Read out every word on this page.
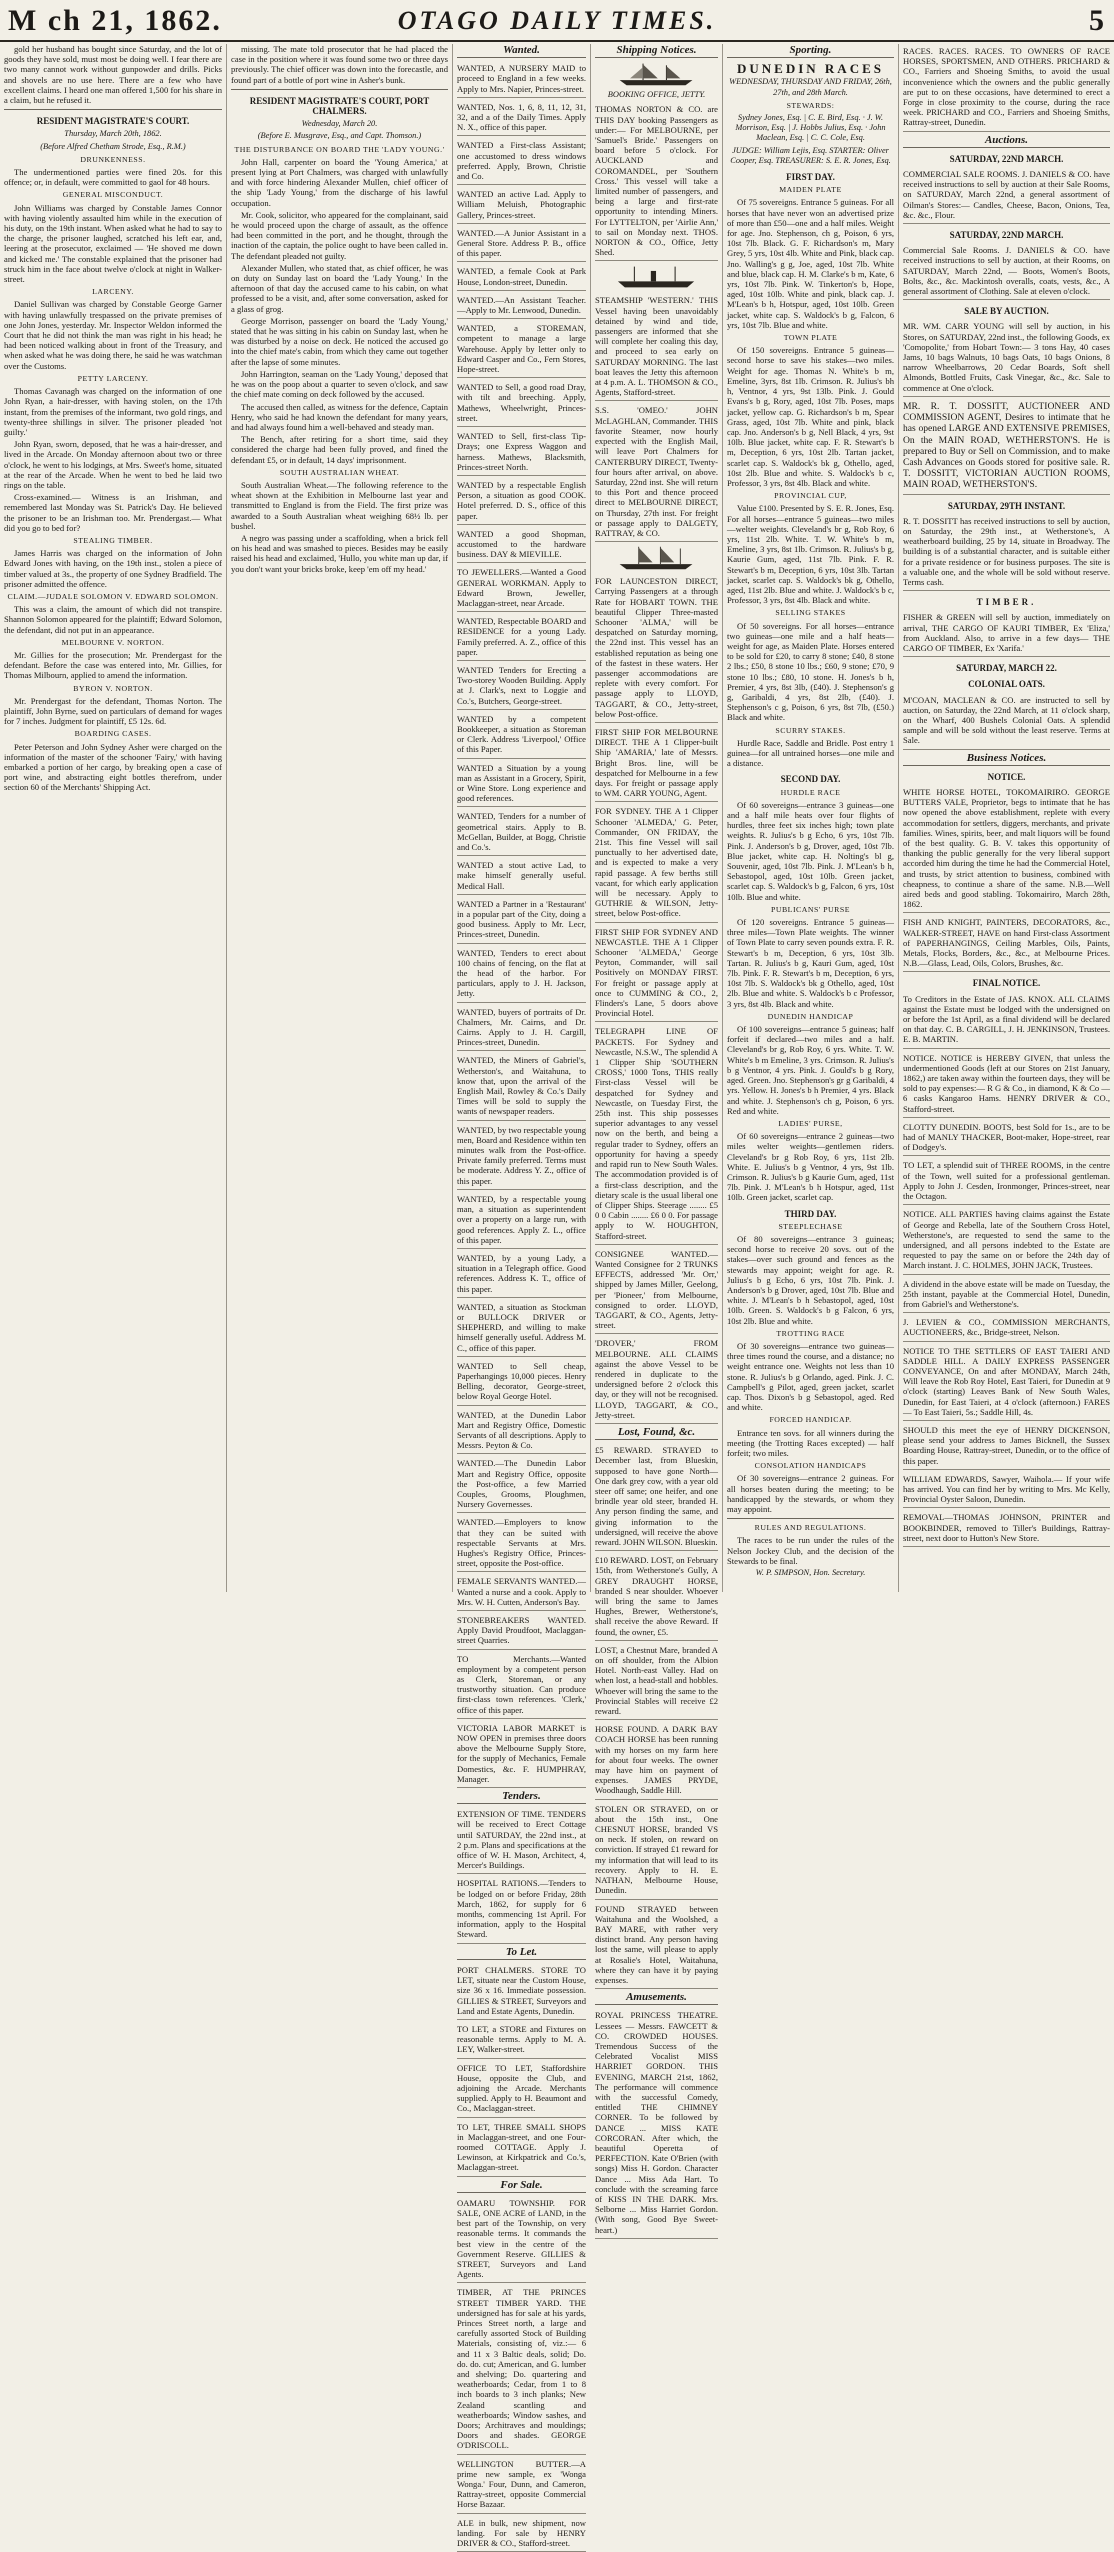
M ch 21, 1862.	OTAGO DAILY TIMES.	5

gold her husband has bought since Saturday, and the lot of goods they have sold, must most be doing well. I fear there are two many cannot work without gunpowder and drills. Picks and shovels are no use here. There are a few who have excellent claims. I heard one man offered 1,500 for his share in a claim, but he refused it.

RESIDENT MAGISTRATE'S COURT.
Thursday, March 20th, 1862.
(Before Alfred Chetham Strode, Esq., R.M.)
DRUNKENNESS.

The undermentioned parties were fined 20s. for this offence; or, in default, were committed to gaol for 48 hours.

GENERAL MISCONDUCT.

John Williams was charged by Constable James Connor with having violently assaulted him while in the execution of his duty, on the 19th instant. When asked what he had to say to the charge, the prisoner laughed, scratched his left ear, and, leering at the prosecutor, exclaimed — 'He shoved me down and kicked me.' The constable explained that the prisoner had struck him in the face about twelve o'clock at night in Walker-street.

LARCENY.

Daniel Sullivan was charged by Constable George Garner with having unlawfully trespassed on the private premises of one John Jones, yesterday. Mr. Inspector Weldon informed the Court that he did not think the man was right in his head; he had been noticed walking about in front of the Treasury, and when asked what he was doing there, he said he was watchman over the Customs.

PETTY LARCENY.

Thomas Cavanagh was charged on the information of one John Ryan, a hair-dresser, with having stolen, on the 17th instant, from the premises of the informant, two gold rings, and twenty-three shillings in silver. The prisoner pleaded 'not guilty.'

John Ryan, sworn, deposed, that he was a hair-dresser, and lived in the Arcade. On Monday afternoon about two or three o'clock, he went to his lodgings, at Mrs. Sweet's home, situated at the rear of the Arcade. When he went to bed he laid two rings on the table.

Cross-examined.— Witness is an Irishman, and remembered last Monday was St. Patrick's Day. He believed the prisoner to be an Irishman too. Mr. Prendergast.— What did you go to bed for?

STEALING TIMBER.

James Harris was charged on the information of John Edward Jones with having, on the 19th inst., stolen a piece of timber valued at 3s., the property of one Sydney Bradfield. The prisoner admitted the offence.

CLAIM.—JUDALE SOLOMON V. EDWARD SOLOMON.

This was a claim, the amount of which did not transpire. Shannon Solomon appeared for the plaintiff; Edward Solomon, the defendant, did not put in an appearance.

MELBOURNE V. NORTON.

Mr. Gillies for the prosecution; Mr. Prendergast for the defendant. Before the case was entered into, Mr. Gillies, for Thomas Milbourn, applied to amend the information.

BYRON V. NORTON.

Mr. Prendergast for the defendant, Thomas Norton. The plaintiff, John Byrne, sued on particulars of demand for wages for 7 inches. Judgment for plaintiff, £5 12s. 6d.

BOARDING CASES.

Peter Peterson and John Sydney Asher were charged on the information of the master of the schooner 'Fairy,' with having embarked a portion of her cargo, by breaking open a case of port wine, and abstracting eight bottles therefrom, under section 60 of the Merchants' Shipping Act.

missing. The mate told prosecutor that he had placed the case in the position where it was found some two or three days previously. The chief officer was down into the forecastle, and found part of a bottle of port wine in Asher's bunk.

RESIDENT MAGISTRATE'S COURT, PORT CHALMERS.
Wednesday, March 20.
(Before E. Musgrave, Esq., and Capt. Thomson.)
THE DISTURBANCE ON BOARD THE 'LADY YOUNG.'

John Hall, carpenter on board the 'Young America,' at present lying at Port Chalmers, was charged with unlawfully and with force hindering Alexander Mullen, chief officer of the ship 'Lady Young,' from the discharge of his lawful occupation.

Mr. Cook, solicitor, who appeared for the complainant, said he would proceed upon the charge of assault, as the offence had been committed in the port, and he thought, through the inaction of the captain, the police ought to have been called in. The defendant pleaded not guilty.

Alexander Mullen, who stated that, as chief officer, he was on duty on Sunday last on board the 'Lady Young.' In the afternoon of that day the accused came to his cabin, on what professed to be a visit, and, after some conversation, asked for a glass of grog.

George Morrison, passenger on board the 'Lady Young,' stated that he was sitting in his cabin on Sunday last, when he was disturbed by a noise on deck. He noticed the accused go into the chief mate's cabin, from which they came out together after the lapse of some minutes.

John Harrington, seaman on the 'Lady Young,' deposed that he was on the poop about a quarter to seven o'clock, and saw the chief mate coming on deck followed by the accused.

The accused then called, as witness for the defence, Captain Henry, who said he had known the defendant for many years, and had always found him a well-behaved and steady man.

The Bench, after retiring for a short time, said they considered the charge had been fully proved, and fined the defendant £5, or in default, 14 days' imprisonment.

SOUTH AUSTRALIAN WHEAT.

South Australian Wheat.—The following reference to the wheat shown at the Exhibition in Melbourne last year and transmitted to England is from the Field. The first prize was awarded to a South Australian wheat weighing 68½ lb. per bushel.

A negro was passing under a scaffolding, when a brick fell on his head and was smashed to pieces. Besides may be easily raised his head and exclaimed, 'Hullo, you white man up dar, if you don't want your bricks broke, keep 'em off my head.'

Wanted.
WANTED, A NURSERY MAID to proceed to England in a few weeks. Apply to Mrs. Napier, Princes-street.
WANTED, Nos. 1, 6, 8, 11, 12, 31, 32, and a of the Daily Times. Apply N. X., office of this paper.
WANTED a First-class Assistant; one accustomed to dress windows preferred. Apply, Brown, Christie and Co.
WANTED an active Lad. Apply to William Meluish, Photographic Gallery, Princes-street.
WANTED.—A Junior Assistant in a General Store. Address P. B., office of this paper.
WANTED, a female Cook at Park House, London-street, Dunedin.
WANTED.—An Assistant Teacher.—Apply to Mr. Lenwood, Dunedin.
WANTED, a STOREMAN, competent to manage a large Warehouse. Apply by letter only to Edward Casper and Co., Fern Stores, Hope-street.
WANTED to Sell, a good road Dray, with tilt and breeching. Apply, Mathews, Wheelwright, Princes-street.
WANTED to Sell, first-class Tip-Drays; one Express Waggon and harness. Mathews, Blacksmith, Princes-street North.
WANTED by a respectable English Person, a situation as good COOK. Hotel preferred. D. S., office of this paper.
WANTED a good Shopman, accustomed to the hardware business. DAY & MIEVILLE.
TO JEWELLERS.—Wanted a Good GENERAL WORKMAN. Apply to Edward Brown, Jeweller, Maclaggan-street, near Arcade.
WANTED, Respectable BOARD and RESIDENCE for a young Lady. Family preferred. A. Z., office of this paper.
WANTED Tenders for Erecting a Two-storey Wooden Building. Apply at J. Clark's, next to Loggie and Co.'s, Butchers, George-street.
WANTED by a competent Bookkeeper, a situation as Storeman or Clerk. Address 'Liverpool,' Office of this Paper.
WANTED a Situation by a young man as Assistant in a Grocery, Spirit, or Wine Store. Long experience and good references.
WANTED, Tenders for a number of geometrical stairs. Apply to B. McGellan, Builder, at Bogg, Christie and Co.'s.
WANTED a stout active Lad, to make himself generally useful. Medical Hall.
WANTED a Partner in a 'Restaurant' in a popular part of the City, doing a good business. Apply to Mr. Lecr, Princes-street, Dunedin.
WANTED, Tenders to erect about 100 chains of fencing, on the flat at the head of the harbor. For particulars, apply to J. H. Jackson, Jetty.
WANTED, buyers of portraits of Dr. Chalmers, Mr. Cairns, and Dr. Cairns. Apply to J. H. Cargill, Princes-street, Dunedin.
WANTED, the Miners of Gabriel's, Wetherston's, and Waitahuna, to know that, upon the arrival of the English Mail, Rowley & Co.'s Daily Times will be sold to supply the wants of newspaper readers.
WANTED, by two respectable young men, Board and Residence within ten minutes walk from the Post-office. Private family preferred. Terms must be moderate. Address Y. Z., office of this paper.
WANTED, by a respectable young man, a situation as superintendent over a property on a large run, with good references. Apply Z. L., office of this paper.
WANTED, by a young Lady, a situation in a Telegraph office. Good references. Address K. T., office of this paper.
WANTED, a situation as Stockman or BULLOCK DRIVER or SHEPHERD, and willing to make himself generally useful. Address M. C., office of this paper.
WANTED to Sell cheap, Paperhangings 10,000 pieces. Henry Belling, decorator, George-street, below Royal George Hotel.
WANTED, at the Dunedin Labor Mart and Registry Office, Domestic Servants of all descriptions. Apply to Messrs. Peyton & Co.
WANTED.—The Dunedin Labor Mart and Registry Office, opposite the Post-office, a few Married Couples, Grooms, Ploughmen, Nursery Governesses.
WANTED.—Employers to know that they can be suited with respectable Servants at Mrs. Hughes's Registry Office, Princes-street, opposite the Post-office.
FEMALE SERVANTS WANTED.—Wanted a nurse and a cook. Apply to Mrs. W. H. Cutten, Anderson's Bay.
STONEBREAKERS WANTED. Apply David Proudfoot, Maclaggan-street Quarries.
TO Merchants.—Wanted employment by a competent person as Clerk, Storeman, or any trustworthy situation. Can produce first-class town references. 'Clerk,' office of this paper.
VICTORIA LABOR MARKET is NOW OPEN in premises three doors above the Melbourne Supply Store, for the supply of Mechanics, Female Domestics, &c. F. HUMPHRAY, Manager.
Tenders.
EXTENSION OF TIME. TENDERS will be received to Erect Cottage until SATURDAY, the 22nd inst., at 2 p.m. Plans and specifications at the office of W. H. Mason, Architect, 4, Mercer's Buildings.
HOSPITAL RATIONS.—Tenders to be lodged on or before Friday, 28th March, 1862, for supply for 6 months, commencing 1st April. For information, apply to the Hospital Steward.
To Let.
PORT CHALMERS. STORE TO LET, situate near the Custom House, size 36 x 16. Immediate possession. GILLIES & STREET, Surveyors and Land and Estate Agents, Dunedin.
TO LET, a STORE and Fixtures on reasonable terms. Apply to M. A. LEY, Walker-street.
OFFICE TO LET, Staffordshire House, opposite the Club, and adjoining the Arcade. Merchants supplied. Apply to H. Beaumont and Co., Maclaggan-street.
TO LET, THREE SMALL SHOPS in Maclaggan-street, and one Four-roomed COTTAGE. Apply J. Lewinson, at Kirkpatrick and Co.'s, Maclaggan-street.
For Sale.
OAMARU TOWNSHIP. FOR SALE, ONE ACRE of LAND, in the best part of the Township, on very reasonable terms. It commands the best view in the centre of the Government Reserve. GILLIES & STREET, Surveyors and Land Agents.
TIMBER, AT THE PRINCES STREET TIMBER YARD. THE undersigned has for sale at his yards, Princes Street north, a large and carefully assorted Stock of Building Materials, consisting of, viz.:— 6 and 11 x 3 Baltic deals, solid; Do. do. do. cut; American, and G. lumber and shelving; Do. quartering and weatherboards; Cedar, from 1 to 8 inch boards to 3 inch planks; New Zealand scantling and weatherboards; Window sashes, and Doors; Architraves and mouldings; Doors and shades. GEORGE O'DRISCOLL.
WELLINGTON BUTTER.—A prime new sample, ex 'Wonga Wonga.' Four, Dunn, and Cameron, Rattray-street, opposite Commercial Horse Bazaar.
ALE in bulk, new shipment, now landing. For sale by HENRY DRIVER & CO., Stafford-street.
Shipping Notices.
BOOKING OFFICE, JETTY.
THOMAS NORTON & CO. are THIS DAY booking Passengers as under:— For MELBOURNE, per 'Samuel's Bride.' Passengers on board before 5 o'clock. For AUCKLAND and COROMANDEL, per 'Southern Cross.' This vessel will take a limited number of passengers, and being a large and first-rate opportunity to intending Miners. For LYTTELTON, per 'Airlie Ann,' to sail on Monday next. THOS. NORTON & CO., Office, Jetty Shed.
STEAMSHIP 'WESTERN.' THIS Vessel having been unavoidably detained by wind and tide, passengers are informed that she will complete her coaling this day, and proceed to sea early on SATURDAY MORNING. The last boat leaves the Jetty this afternoon at 4 p.m. A. L. THOMSON & CO., Agents, Stafford-street.
S.S. 'OMEO.' JOHN McLAGHLAN, Commander. THIS favorite Steamer, now hourly expected with the English Mail, will leave Port Chalmers for CANTERBURY DIRECT, Twenty-four hours after arrival, on above. Saturday, 22nd inst. She will return to this Port and thence proceed direct to MELBOURNE DIRECT, on Thursday, 27th inst. For freight or passage apply to DALGETY, RATTRAY, & CO.
FOR LAUNCESTON DIRECT, Carrying Passengers at a through Rate for HOBART TOWN. THE beautiful Clipper Three-masted Schooner 'ALMA,' will be despatched on Saturday morning, the 22nd inst. This vessel has an established reputation as being one of the fastest in these waters. Her passenger accommodations are replete with every comfort. For passage apply to LLOYD, TAGGART, & CO., Jetty-street, below Post-office.
FIRST SHIP FOR MELBOURNE DIRECT. THE A 1 Clipper-built Ship 'AMARIA,' late of Messrs. Bright Bros. line, will be despatched for Melbourne in a few days. For freight or passage apply to WM. CARR YOUNG, Agent.
FOR SYDNEY. THE A 1 Clipper Schooner 'ALMEDA,' G. Peter, Commander, ON FRIDAY, the 21st. This fine Vessel will sail punctually to her advertised date, and is expected to make a very rapid passage. A few berths still vacant, for which early application will be necessary. Apply to GUTHRIE & WILSON, Jetty-street, below Post-office.
FIRST SHIP FOR SYDNEY AND NEWCASTLE. THE A 1 Clipper Schooner 'ALMEDA,' George Peyton, Commander, will sail Positively on MONDAY FIRST. For freight or passage apply at once to CUMMING & CO., 2, Flinders's Lane, 5 doors above Provincial Hotel.
TELEGRAPH LINE OF PACKETS. For Sydney and Newcastle, N.S.W., The splendid A 1 Clipper Ship 'SOUTHERN CROSS,' 1000 Tons, THIS really First-class Vessel will be despatched for Sydney and Newcastle, on Tuesday First, the 25th inst. This ship possesses superior advantages to any vessel now on the berth, and being a regular trader to Sydney, offers an opportunity for having a speedy and rapid run to New South Wales. The accommodation provided is of a first-class description, and the dietary scale is the usual liberal one of Clipper Ships. Steerage ........ £5 0 0 Cabin ........ £6 0 0. For passage apply to W. HOUGHTON, Stafford-street.
CONSIGNEE WANTED.—Wanted Consignee for 2 TRUNKS EFFECTS, addressed 'Mr. Orr,' shipped by James Miller, Geelong, per 'Pioneer,' from Melbourne, consigned to order. LLOYD, TAGGART, & CO., Agents, Jetty-street.
'DROVER,' FROM MELBOURNE. ALL CLAIMS against the above Vessel to be rendered in duplicate to the undersigned before 2 o'clock this day, or they will not be recognised. LLOYD, TAGGART, & CO., Jetty-street.
Lost, Found, &c.
£5 REWARD. STRAYED to December last, from Blueskin, supposed to have gone North—One dark grey cow, with a year old steer off same; one heifer, and one brindle year old steer, branded H. Any person finding the same, and giving information to the undersigned, will receive the above reward. JOHN WILSON. Blueskin.
£10 REWARD. LOST, on February 15th, from Wetherstone's Gully, A GREY DRAUGHT HORSE, branded S near shoulder. Whoever will bring the same to James Hughes, Brewer, Wetherstone's, shall receive the above Reward. If found, the owner, £5.
LOST, a Chestnut Mare, branded A on off shoulder, from the Albion Hotel. North-east Valley. Had on when lost, a head-stall and hobbles. Whoever will bring the same to the Provincial Stables will receive £2 reward.
HORSE FOUND. A DARK BAY COACH HORSE has been running with my horses on my farm here for about four weeks. The owner may have him on payment of expenses. JAMES PRYDE, Woodhaugh, Saddle Hill.
STOLEN OR STRAYED, on or about the 15th inst., One CHESNUT HORSE, branded VS on neck. If stolen, on reward on conviction. If strayed £1 reward for my information that will lead to its recovery. Apply to H. E. NATHAN, Melbourne House, Dunedin.
FOUND STRAYED between Waitahuna and the Woolshed, a BAY MARE, with rather very distinct brand. Any person having lost the same, will please to apply at Rosalie's Hotel, Waitahuna, where they can have it by paying expenses.
Amusements.
ROYAL PRINCESS THEATRE. Lessees — Messrs. FAWCETT & CO. CROWDED HOUSES. Tremendous Success of the Celebrated Vocalist MISS HARRIET GORDON. THIS EVENING, MARCH 21st, 1862, The performance will commence with the successful Comedy, entitled THE CHIMNEY CORNER. To be followed by DANCE ... MISS KATE CORCORAN. After which, the beautiful Operetta of PERFECTION. Kate O'Brien (with songs) Miss H. Gordon. Character Dance ... Miss Ada Hart. To conclude with the screaming farce of KISS IN THE DARK. Mrs. Selborne ... Miss Harriet Gordon. (With song, Good Bye Sweet-heart.)
Sporting.
DUNEDIN RACES
WEDNESDAY, THURSDAY AND FRIDAY, 26th, 27th, and 28th March.
STEWARDS:
Sydney Jones, Esq. | C. E. Bird, Esq. · J. W. Morrison, Esq. | J. Hobbs Julius, Esq. · John Maclean, Esq. | C. C. Cole, Esq.
JUDGE: William Lejis, Esq. STARTER: Oliver Cooper, Esq. TREASURER: S. E. R. Jones, Esq.
FIRST DAY.
MAIDEN PLATE

Of 75 sovereigns. Entrance 5 guineas. For all horses that have never won an advertised prize of more than £50—one and a half miles. Weight for age. Jno. Stephenson, ch g, Poison, 6 yrs, 10st 7lb. Black. G. F. Richardson's m, Mary Grey, 5 yrs, 10st 4lb. White and Pink, black cap. Jno. Walling's g g, Joe, aged, 10st 7lb. White and blue, black cap. H. M. Clarke's b m, Kate, 6 yrs, 10st 7lb. Pink. W. Tinkerton's b, Hope, aged, 10st 10lb. White and pink, black cap. J. M'Lean's b h, Hotspur, aged, 10st 10lb. Green jacket, white cap. S. Waldock's b g, Falcon, 6 yrs, 10st 7lb. Blue and white.

TOWN PLATE

Of 150 sovereigns. Entrance 5 guineas—second horse to save his stakes—two miles. Weight for age. Thomas N. White's b m, Emeline, 3yrs, 8st 1lb. Crimson. R. Julius's bh h, Ventnor, 4 yrs, 9st 13lb. Pink. J. Gould Evans's b g, Rory, aged, 10st 7lb. Poses, maps jacket, yellow cap. G. Richardson's b m, Spear Grass, aged, 10st 7lb. White and pink, black cap. Jno. Anderson's b g, Nell Black, 4 yrs, 9st 10lb. Blue jacket, white cap. F. R. Stewart's b m, Deception, 6 yrs, 10st 2lb. Tartan jacket, scarlet cap. S. Waldock's bk g, Othello, aged, 10st 2lb. Blue and white. S. Waldock's b c, Professor, 3 yrs, 8st 4lb. Black and white.

PROVINCIAL CUP,

Value £100. Presented by S. E. R. Jones, Esq. For all horses—entrance 5 guineas—two miles—welter weights. Cleveland's br g, Rob Roy, 6 yrs, 11st 2lb. White. T. W. White's b m, Emeline, 3 yrs, 8st 1lb. Crimson. R. Julius's b g, Kaurie Gum, aged, 11st 7lb. Pink. F. R. Stewart's b m, Deception, 6 yrs, 10st 3lb. Tartan jacket, scarlet cap. S. Waldock's bk g, Othello, aged, 11st 2lb. Blue and white. J. Waldock's b c, Professor, 3 yrs, 8st 4lb. Black and white.

SELLING STAKES

Of 50 sovereigns. For all horses—entrance two guineas—one mile and a half heats—weight for age, as Maiden Plate. Horses entered to be sold for £20, to carry 8 stone; £40, 8 stone 2 lbs.; £50, 8 stone 10 lbs.; £60, 9 stone; £70, 9 stone 10 lbs.; £80, 10 stone. H. Jones's b h, Premier, 4 yrs, 8st 3lb, (£40). J. Stephenson's g g, Garibaldi, 4 yrs, 8st 2lb, (£40). J. Stephenson's c g, Poison, 6 yrs, 8st 7lb, (£50.) Black and white.

SCURRY STAKES.

Hurdle Race, Saddle and Bridle. Post entry 1 guinea—for all untrained horses—one mile and a distance.

SECOND DAY.
HURDLE RACE

Of 60 sovereigns—entrance 3 guineas—one and a half mile heats over four flights of hurdles, three feet six inches high; town plate weights. R. Julius's b g Echo, 6 yrs, 10st 7lb. Pink. J. Anderson's b g, Drover, aged, 10st 7lb. Blue jacket, white cap. H. Nolting's bl g, Souvenir, aged, 10st 7lb. Pink. J. M'Lean's b h, Sebastopol, aged, 10st 10lb. Green jacket, scarlet cap. S. Waldock's b g, Falcon, 6 yrs, 10st 10lb. Blue and white.

PUBLICANS' PURSE

Of 120 sovereigns. Entrance 5 guineas—three miles—Town Plate weights. The winner of Town Plate to carry seven pounds extra. F. R. Stewart's b m, Deception, 6 yrs, 10st 3lb. Tartan. R. Julius's b g, Kauri Gum, aged, 10st 7lb. Pink. F. R. Stewart's b m, Deception, 6 yrs, 10st 7lb. S. Waldock's bk g Othello, aged, 10st 2lb. Blue and white. S. Waldock's b c Professor, 3 yrs, 8st 4lb. Black and white.

DUNEDIN HANDICAP

Of 100 sovereigns—entrance 5 guineas; half forfeit if declared—two miles and a half. Cleveland's br g, Rob Roy, 6 yrs. White. T. W. White's b m Emeline, 3 yrs. Crimson. R. Julius's b g Ventnor, 4 yrs. Pink. J. Gould's b g Rory, aged. Green. Jno. Stephenson's gr g Garibaldi, 4 yrs. Yellow. H. Jones's b h Premier, 4 yrs. Black and white. J. Stephenson's ch g, Poison, 6 yrs. Red and white.

LADIES' PURSE,

Of 60 sovereigns—entrance 2 guineas—two miles welter weights—gentlemen riders. Cleveland's br g Rob Roy, 6 yrs, 11st 2lb. White. E. Julius's b g Ventnor, 4 yrs, 9st 1lb. Crimson. R. Julius's b g Kaurie Gum, aged, 11st 7lb. Pink. J. M'Lean's b h Hotspur, aged, 11st 10lb. Green jacket, scarlet cap.

THIRD DAY.
STEEPLECHASE

Of 80 sovereigns—entrance 3 guineas; second horse to receive 20 sovs. out of the stakes—over such ground and fences as the stewards may appoint; weight for age. R. Julius's b g Echo, 6 yrs, 10st 7lb. Pink. J. Anderson's b g Drover, aged, 10st 7lb. Blue and white. J. M'Lean's b h Sebastopol, aged, 10st 10lb. Green. S. Waldock's b g Falcon, 6 yrs, 10st 2lb. Blue and white.

TROTTING RACE

Of 30 sovereigns—entrance two guineas—three times round the course, and a distance; no weight entrance one. Weights not less than 10 stone. R. Julius's b g Orlando, aged. Pink. J. C. Campbell's g Pilot, aged, green jacket, scarlet cap. Thos. Dixon's b g Sebastopol, aged. Red and white.

FORCED HANDICAP.

Entrance ten sovs. for all winners during the meeting (the Trotting Races excepted) — half forfeit; two miles.

CONSOLATION HANDICAPS

Of 30 sovereigns—entrance 2 guineas. For all horses beaten during the meeting; to be handicapped by the stewards, or whom they may appoint.

RULES AND REGULATIONS.

The races to be run under the rules of the Nelson Jockey Club, and the decision of the Stewards to be final.

W. P. SIMPSON, Hon. Secretary.
RACES. RACES. RACES. TO OWNERS OF RACE HORSES, SPORTSMEN, AND OTHERS. PRICHARD & CO., Farriers and Shoeing Smiths, to avoid the usual inconvenience which the owners and the public generally are put to on these occasions, have determined to erect a Forge in close proximity to the course, during the race week. PRICHARD and CO., Farriers and Shoeing Smiths, Rattray-street, Dunedin.
Auctions.
SATURDAY, 22ND MARCH.
COMMERCIAL SALE ROOMS. J. DANIELS & CO. have received instructions to sell by auction at their Sale Rooms, on SATURDAY, March 22nd, a general assortment of Oilman's Stores:— Candles, Cheese, Bacon, Onions, Tea, &c. &c., Flour.
SATURDAY, 22ND MARCH.
Commercial Sale Rooms. J. DANIELS & CO. have received instructions to sell by auction, at their Rooms, on SATURDAY, March 22nd, — Boots, Women's Boots, Bolts, &c., &c. Mackintosh overalls, coats, vests, &c., A general assortment of Clothing. Sale at eleven o'clock.
SALE BY AUCTION.
MR. WM. CARR YOUNG will sell by auction, in his Stores, on SATURDAY, 22nd inst., the following Goods, ex 'Comopolite,' from Hobart Town:— 3 tons Hay, 40 cases Jams, 10 bags Walnuts, 10 bags Oats, 10 bags Onions, 8 narrow Wheelbarrows, 20 Cedar Boards, Soft shell Almonds, Bottled Fruits, Cask Vinegar, &c., &c. Sale to commence at One o'clock.
MR. R. T. DOSSITT, AUCTIONEER AND COMMISSION AGENT, Desires to intimate that he has opened LARGE AND EXTENSIVE PREMISES, On the MAIN ROAD, WETHERSTON'S. He is prepared to Buy or Sell on Commission, and to make Cash Advances on Goods stored for positive sale. R. T. DOSSITT, VICTORIAN AUCTION ROOMS, MAIN ROAD, WETHERSTON'S.
SATURDAY, 29TH INSTANT.
R. T. DOSSITT has received instructions to sell by auction, on Saturday, the 29th inst., at Wetherstone's, A weatherboard building, 25 by 14, situate in Broadway. The building is of a substantial character, and is suitable either for a private residence or for business purposes. The site is a valuable one, and the whole will be sold without reserve. Terms cash.
TIMBER.
FISHER & GREEN will sell by auction, immediately on arrival, THE CARGO OF KAURI TIMBER, Ex 'Eliza,' from Auckland. Also, to arrive in a few days— THE CARGO OF TIMBER, Ex 'Xarifa.'
SATURDAY, MARCH 22.
COLONIAL OATS.
M'COAN, MACLEAN & CO. are instructed to sell by auction, on Saturday, the 22nd March, at 11 o'clock sharp, on the Wharf, 400 Bushels Colonial Oats. A splendid sample and will be sold without the least reserve. Terms at Sale.
Business Notices.
NOTICE.
WHITE HORSE HOTEL, TOKOMAIRIRO. GEORGE BUTTERS VALE, Proprietor, begs to intimate that he has now opened the above establishment, replete with every accommodation for settlers, diggers, merchants, and private families. Wines, spirits, beer, and malt liquors will be found of the best quality. G. B. V. takes this opportunity of thanking the public generally for the very liberal support accorded him during the time he had the Commercial Hotel, and trusts, by strict attention to business, combined with cheapness, to continue a share of the same. N.B.—Well aired beds and good stabling. Tokomairiro, March 28th, 1862.
FISH AND KNIGHT, PAINTERS, DECORATORS, &c., WALKER-STREET, HAVE on hand First-class Assortment of PAPERHANGINGS, Ceiling Marbles, Oils, Paints, Metals, Flocks, Borders, &c., &c., at Melbourne Prices. N.B.—Glass, Lead, Oils, Colors, Brushes, &c.
FINAL NOTICE.
To Creditors in the Estate of JAS. KNOX. ALL CLAIMS against the Estate must be lodged with the undersigned on or before the 1st April, as a final dividend will be declared on that day. C. B. CARGILL, J. H. JENKINSON, Trustees. E. B. MARTIN.
NOTICE. NOTICE is HEREBY GIVEN, that unless the undermentioned Goods (left at our Stores on 21st January, 1862,) are taken away within the fourteen days, they will be sold to pay expenses:— R G & Co., in diamond, K & Co — 6 casks Kangaroo Hams. HENRY DRIVER & CO., Stafford-street.
CLOTTY DUNEDIN. BOOTS, best Sold for 1s., are to be had of MANLY THACKER, Boot-maker, Hope-street, rear of Dodgey's.
TO LET, a splendid suit of THREE ROOMS, in the centre of the Town, well suited for a professional gentleman. Apply to John J. Cesden, Ironmonger, Princes-street, near the Octagon.
NOTICE. ALL PARTIES having claims against the Estate of George and Rebella, late of the Southern Cross Hotel, Wetherstone's, are requested to send the same to the undersigned, and all persons indebted to the Estate are requested to pay the same on or before the 24th day of March instant. J. C. HOLMES, JOHN JACK, Trustees.
A dividend in the above estate will be made on Tuesday, the 25th instant, payable at the Commercial Hotel, Dunedin, from Gabriel's and Wetherstone's.
J. LEVIEN & CO., COMMISSION MERCHANTS, AUCTIONEERS, &c., Bridge-street, Nelson.
NOTICE TO THE SETTLERS OF EAST TAIERI AND SADDLE HILL. A DAILY EXPRESS PASSENGER CONVEYANCE, On and after MONDAY, March 24th, Will leave the Rob Roy Hotel, East Taieri, for Dunedin at 9 o'clock (starting) Leaves Bank of New South Wales, Dunedin, for East Taieri, at 4 o'clock (afternoon.) FARES — To East Taieri, 5s.; Saddle Hill, 4s.
SHOULD this meet the eye of HENRY DICKENSON, please send your address to James Bicknell, the Sussex Boarding House, Rattray-street, Dunedin, or to the office of this paper.
WILLIAM EDWARDS, Sawyer, Waihola.— If your wife has arrived. You can find her by writing to Mrs. Mc Kelly, Provincial Oyster Saloon, Dunedin.
REMOVAL—THOMAS JOHNSON, PRINTER and BOOKBINDER, removed to Tiller's Buildings, Rattray-street, next door to Hutton's New Store.
